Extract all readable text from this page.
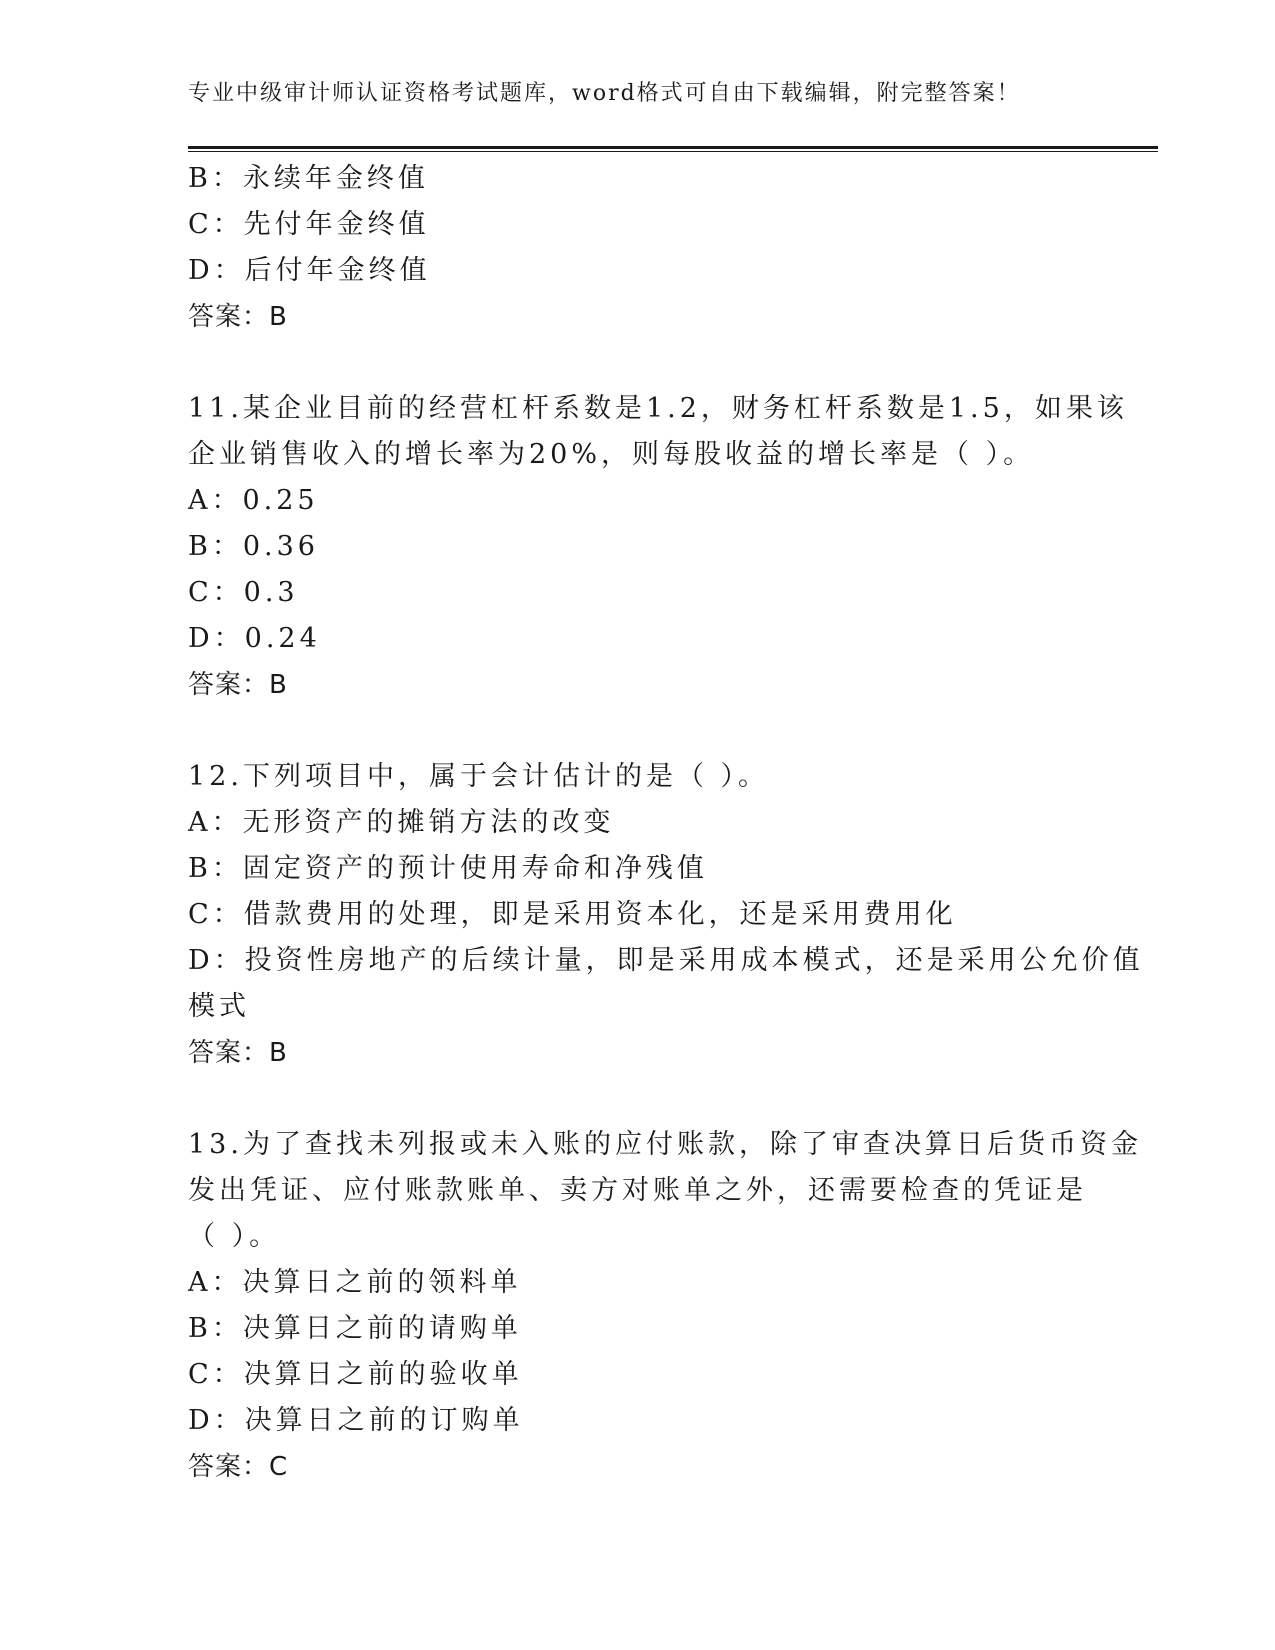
专业中级审计师认证资格考试题库，word格式可自由下载编辑，附完整答案！
B：永续年金终值
C：先付年金终值
D：后付年金终值
答案：B
11.某企业目前的经营杠杆系数是1.2，财务杠杆系数是1.5，如果该
企业销售收入的增长率为20%，则每股收益的增长率是（ ）。
A：0.25
B：0.36
C：0.3
D：0.24
答案：B
12.下列项目中，属于会计估计的是（ ）。
A：无形资产的摊销方法的改变
B：固定资产的预计使用寿命和净残值
C：借款费用的处理，即是采用资本化，还是采用费用化
D：投资性房地产的后续计量，即是采用成本模式，还是采用公允价值
模式
答案：B
13.为了查找未列报或未入账的应付账款，除了审查决算日后货币资金
发出凭证、应付账款账单、卖方对账单之外，还需要检查的凭证是
（ ）。
A：决算日之前的领料单
B：决算日之前的请购单
C：决算日之前的验收单
D：决算日之前的订购单
答案：C
